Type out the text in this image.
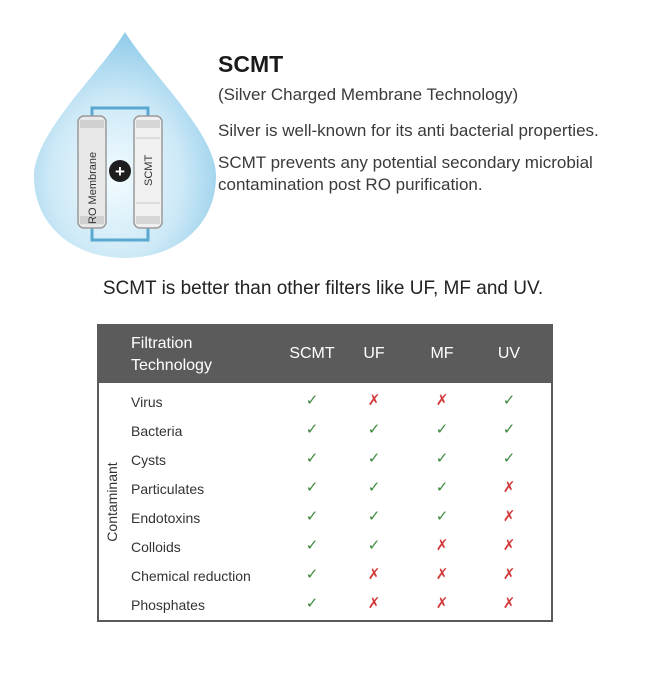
RO Membrane	SCMT
+
SCMT
(Silver Charged Membrane Technology)
Silver is well-known for its anti bacterial properties.
SCMT prevents any potential secondary microbial contamination post RO purification.
SCMT is better than other filters like UF, MF and UV.
Filtration
Technology
SCMT	UF	MF	UV
Contaminant
Virus	✓	✗	✗	✓
Bacteria	✓	✓	✓	✓
Cysts	✓	✓	✓	✓
Particulates	✓	✓	✓	✗
Endotoxins	✓	✓	✓	✗
Colloids	✓	✓	✗	✗
Chemical reduction	✓	✗	✗	✗
Phosphates	✓	✗	✗	✗
